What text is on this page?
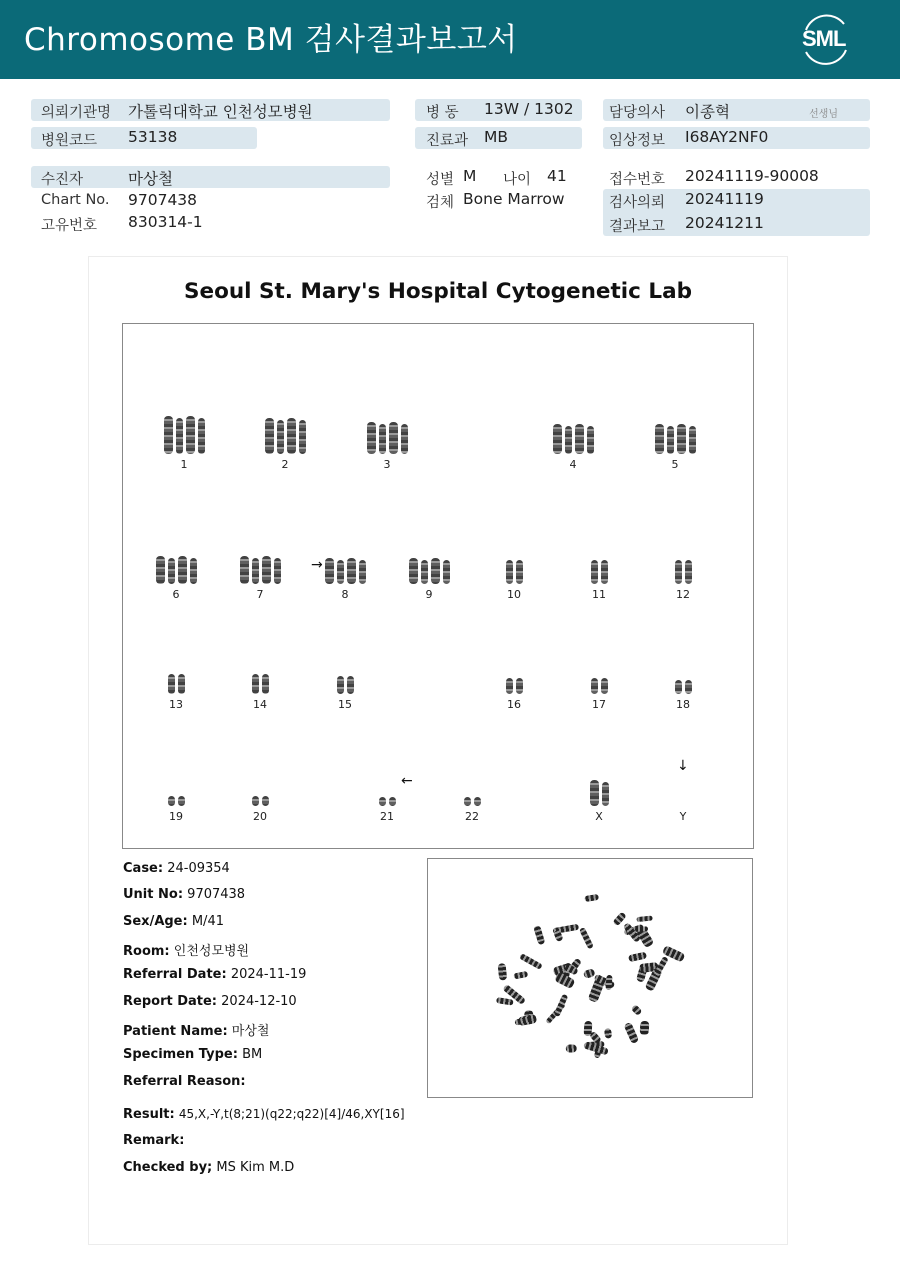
Chromosome BM 검사결과보고서	SML
의뢰기관명 가톨릭대학교 인천성모병원
병원코드 53138
병 동 13W / 1302
진료과 MB
담당의사 이종혁	선생님
임상정보 I68AY2NF0
수진자	마상철
Chart No. 9707438
고유번호 830314-1
성별 M 나이 41
검체 Bone Marrow
접수번호 20241119-90008
검사의뢰 20241119
결과보고 20241211
Seoul St. Mary's Hospital Cytogenetic Lab
1	2	3	4	5
6	7	8	9	10	11	12
13	14	15	16	17	18
19	20	21	22	X	Y
→
←
↓
Case: 24-09354
Unit No: 9707438
Sex/Age: M/41
Room: 인천성모병원
Referral Date: 2024-11-19
Report Date: 2024-12-10
Patient Name: 마상철
Specimen Type: BM
Referral Reason:
Result: 45,X,-Y,t(8;21)(q22;q22)[4]/46,XY[16]
Remark:
Checked by; MS Kim M.D
